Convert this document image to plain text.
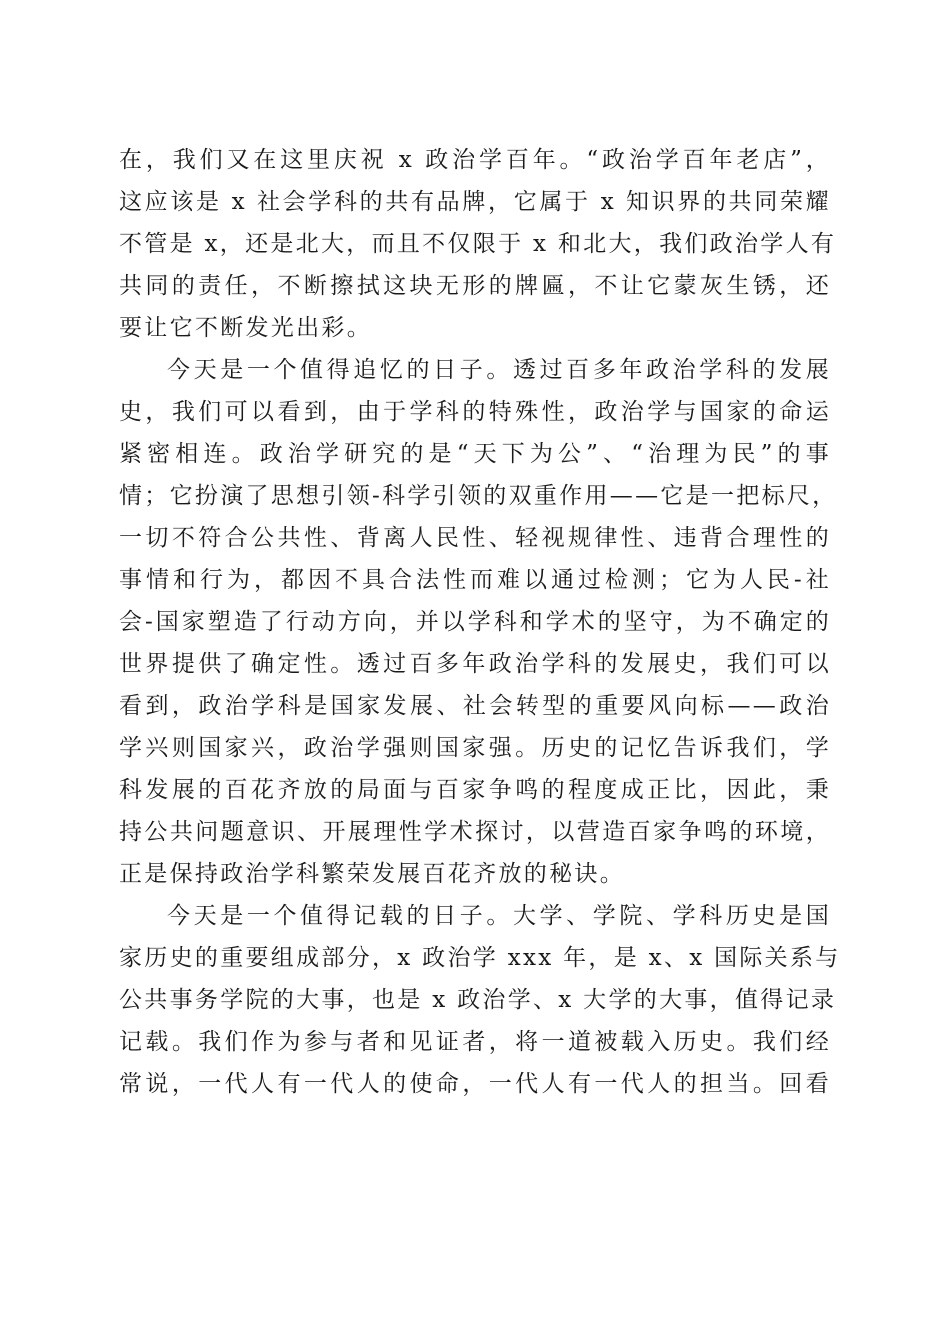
在，我们又在这里庆祝 x 政治学百年。“政治学百年老店”，
这应该是 x 社会学科的共有品牌，它属于 x 知识界的共同荣耀
不管是 x，还是北大，而且不仅限于 x 和北大，我们政治学人有
共同的责任，不断擦拭这块无形的牌匾，不让它蒙灰生锈，还
要让它不断发光出彩。
今天是一个值得追忆的日子。透过百多年政治学科的发展
史，我们可以看到，由于学科的特殊性，政治学与国家的命运
紧密相连。政治学研究的是“天下为公”、“治理为民”的事
情；它扮演了思想引领-科学引领的双重作用——它是一把标尺，
一切不符合公共性、背离人民性、轻视规律性、违背合理性的
事情和行为，都因不具合法性而难以通过检测；它为人民-社
会-国家塑造了行动方向，并以学科和学术的坚守，为不确定的
世界提供了确定性。透过百多年政治学科的发展史，我们可以
看到，政治学科是国家发展、社会转型的重要风向标——政治
学兴则国家兴，政治学强则国家强。历史的记忆告诉我们，学
科发展的百花齐放的局面与百家争鸣的程度成正比，因此，秉
持公共问题意识、开展理性学术探讨，以营造百家争鸣的环境，
正是保持政治学科繁荣发展百花齐放的秘诀。
今天是一个值得记载的日子。大学、学院、学科历史是国
家历史的重要组成部分，x 政治学 xxx 年，是 x、x 国际关系与
公共事务学院的大事，也是 x 政治学、x 大学的大事，值得记录
记载。我们作为参与者和见证者，将一道被载入历史。我们经
常说，一代人有一代人的使命，一代人有一代人的担当。回看
